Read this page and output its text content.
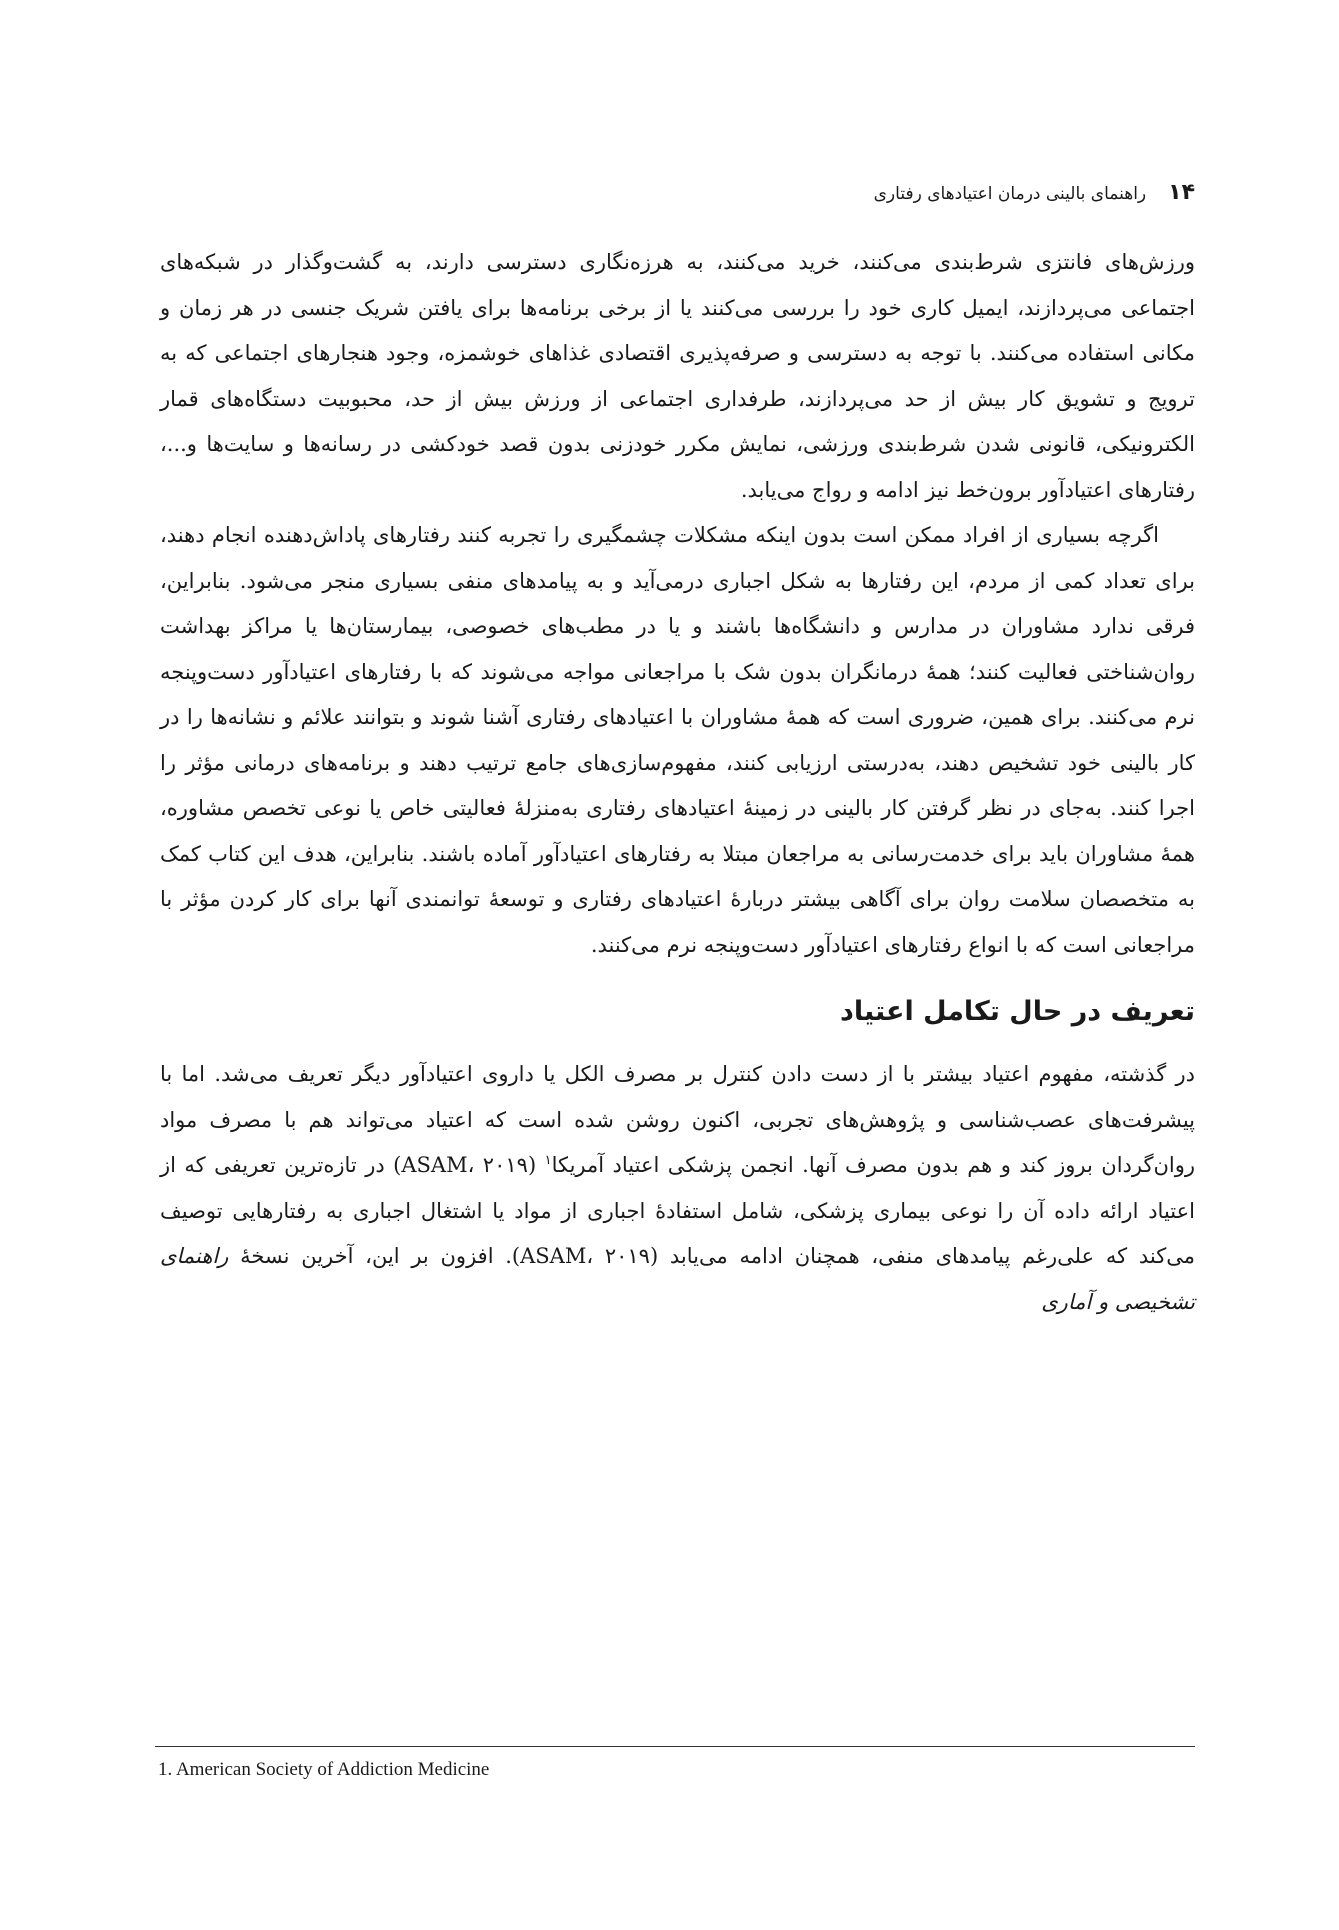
۱۴
راهنمای بالینی درمان اعتیادهای رفتاری

ورزش‌های فانتزی شرط‌بندی می‌کنند، خرید می‌کنند، به هرزه‌نگاری دسترسی دارند، به گشت‌وگذار در شبکه‌های اجتماعی می‌پردازند، ایمیل کاری خود را بررسی می‌کنند یا از برخی برنامه‌ها برای یافتن شریک جنسی در هر زمان و مکانی استفاده می‌کنند. با توجه به دسترسی و صرفه‌پذیری اقتصادی غذاهای خوشمزه، وجود هنجارهای اجتماعی که به ترویج و تشویق کار بیش از حد می‌پردازند، طرفداری اجتماعی از ورزش بیش از حد، محبوبیت دستگاه‌های قمار الکترونیکی، قانونی شدن شرط‌بندی ورزشی، نمایش مکرر خودزنی بدون قصد خودکشی در رسانه‌ها و سایت‌ها و...، رفتارهای اعتیادآور برون‌خط نیز ادامه و رواج می‌یابد.

اگرچه بسیاری از افراد ممکن است بدون اینکه مشکلات چشمگیری را تجربه کنند رفتارهای پاداش‌دهنده انجام دهند، برای تعداد کمی از مردم، این رفتارها به شکل اجباری درمی‌آید و به پیامدهای منفی بسیاری منجر می‌شود. بنابراین، فرقی ندارد مشاوران در مدارس و دانشگاه‌ها باشند و یا در مطب‌های خصوصی، بیمارستان‌ها یا مراکز بهداشت روان‌شناختی فعالیت کنند؛ همهٔ درمانگران بدون شک با مراجعانی مواجه می‌شوند که با رفتارهای اعتیادآور دست‌وپنجه نرم می‌کنند. برای همین، ضروری است که همهٔ مشاوران با اعتیادهای رفتاری آشنا شوند و بتوانند علائم و نشانه‌ها را در کار بالینی خود تشخیص دهند، به‌درستی ارزیابی کنند، مفهوم‌سازی‌های جامع ترتیب دهند و برنامه‌های درمانی مؤثر را اجرا کنند. به‌جای در نظر گرفتن کار بالینی در زمینهٔ اعتیادهای رفتاری به‌منزلهٔ فعالیتی خاص یا نوعی تخصص مشاوره، همهٔ مشاوران باید برای خدمت‌رسانی به مراجعان مبتلا به رفتارهای اعتیادآور آماده باشند. بنابراین، هدف این کتاب کمک به متخصصان سلامت روان برای آگاهی بیشتر دربارهٔ اعتیادهای رفتاری و توسعهٔ توانمندی آنها برای کار کردن مؤثر با مراجعانی است که با انواع رفتارهای اعتیادآور دست‌وپنجه نرم می‌کنند.

تعریف در حال تکامل اعتیاد

در گذشته، مفهوم اعتیاد بیشتر با از دست دادن کنترل بر مصرف الکل یا داروی اعتیادآور دیگر تعریف می‌شد. اما با پیشرفت‌های عصب‌شناسی و پژوهش‌های تجربی، اکنون روشن شده است که اعتیاد می‌تواند هم با مصرف مواد روان‌گردان بروز کند و هم بدون مصرف آنها. انجمن پزشکی اعتیاد آمریکا$^۱$ (ASAM، ۲۰۱۹) در تازه‌ترین تعریفی که از اعتیاد ارائه داده آن را نوعی بیماری پزشکی، شامل استفادهٔ اجباری از مواد یا اشتغال اجباری به رفتارهایی توصیف می‌کند که علی‌رغم پیامدهای منفی، همچنان ادامه می‌یابد (ASAM، ۲۰۱۹). افزون بر این، آخرین نسخهٔ راهنمای تشخیصی و آماری

1. American Society of Addiction Medicine
